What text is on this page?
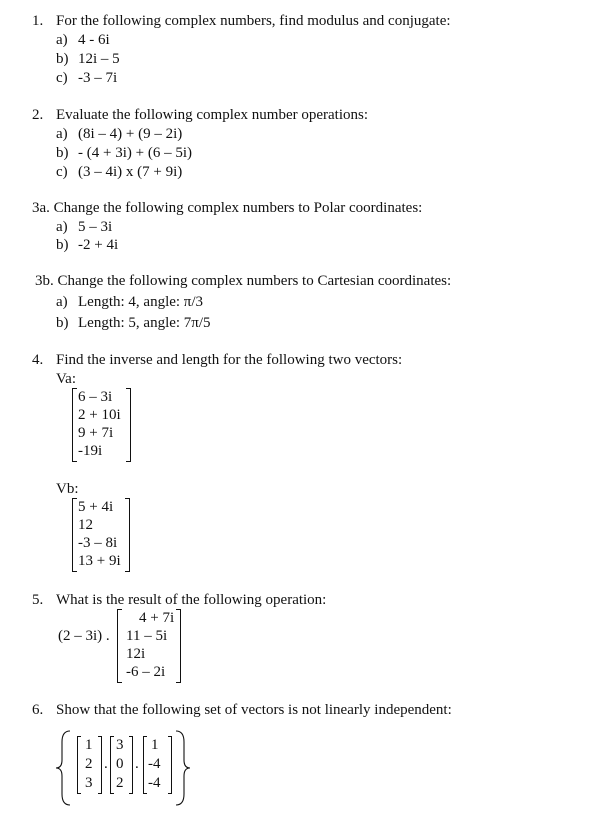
1. For the following complex numbers, find modulus and conjugate:
a) 4 - 6i
b) 12i – 5
c) -3 – 7i
2. Evaluate the following complex number operations:
a) (8i – 4) + (9 – 2i)
b) - (4 + 3i) + (6 – 5i)
c) (3 – 4i) x (7 + 9i)
3a. Change the following complex numbers to Polar coordinates:
a) 5 – 3i
b) -2 + 4i
3b. Change the following complex numbers to Cartesian coordinates:
a) Length: 4, angle: π/3
b) Length: 5, angle: 7π/5
4. Find the inverse and length for the following two vectors:
Va:
6 – 3i
2 + 10i
9 + 7i
-19i
Vb:
5 + 4i
12
-3 – 8i
13 + 9i
5. What is the result of the following operation:
(2 – 3i) .
4 + 7i
11 – 5i
12i
-6 – 2i
6. Show that the following set of vectors is not linearly independent:
1
2
3
.
3
0
2
.
1
-4
-4
